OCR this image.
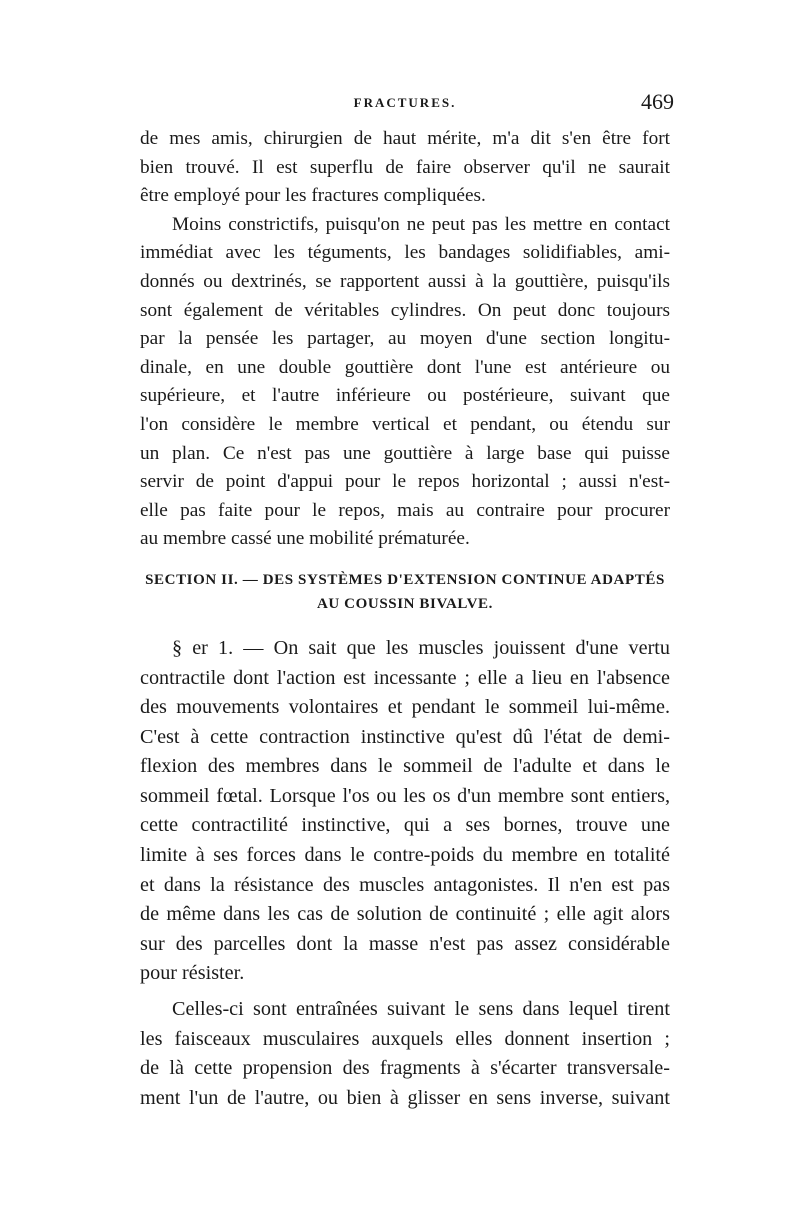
FRACTURES.	469
de mes amis, chirurgien de haut mérite, m'a dit s'en être fort
bien trouvé. Il est superflu de faire observer qu'il ne saurait
être employé pour les fractures compliquées.
Moins constrictifs, puisqu'on ne peut pas les mettre en contact
immédiat avec les téguments, les bandages solidifiables, ami-
donnés ou dextrinés, se rapportent aussi à la gouttière, puisqu'ils
sont également de véritables cylindres. On peut donc toujours
par la pensée les partager, au moyen d'une section longitu-
dinale, en une double gouttière dont l'une est antérieure ou
supérieure, et l'autre inférieure ou postérieure, suivant que
l'on considère le membre vertical et pendant, ou étendu sur
un plan. Ce n'est pas une gouttière à large base qui puisse
servir de point d'appui pour le repos horizontal ; aussi n'est-
elle pas faite pour le repos, mais au contraire pour procurer
au membre cassé une mobilité prématurée.
SECTION II. — DES SYSTÈMES D'EXTENSION CONTINUE ADAPTÉS
AU COUSSIN BIVALVE.
§ er 1. — On sait que les muscles jouissent d'une vertu
contractile dont l'action est incessante ; elle a lieu en l'absence
des mouvements volontaires et pendant le sommeil lui-même.
C'est à cette contraction instinctive qu'est dû l'état de demi-
flexion des membres dans le sommeil de l'adulte et dans le
sommeil fœtal. Lorsque l'os ou les os d'un membre sont entiers,
cette contractilité instinctive, qui a ses bornes, trouve une
limite à ses forces dans le contre-poids du membre en totalité
et dans la résistance des muscles antagonistes. Il n'en est pas
de même dans les cas de solution de continuité ; elle agit alors
sur des parcelles dont la masse n'est pas assez considérable
pour résister.
Celles-ci sont entraînées suivant le sens dans lequel tirent
les faisceaux musculaires auxquels elles donnent insertion ;
de là cette propension des fragments à s'écarter transversale-
ment l'un de l'autre, ou bien à glisser en sens inverse, suivant
